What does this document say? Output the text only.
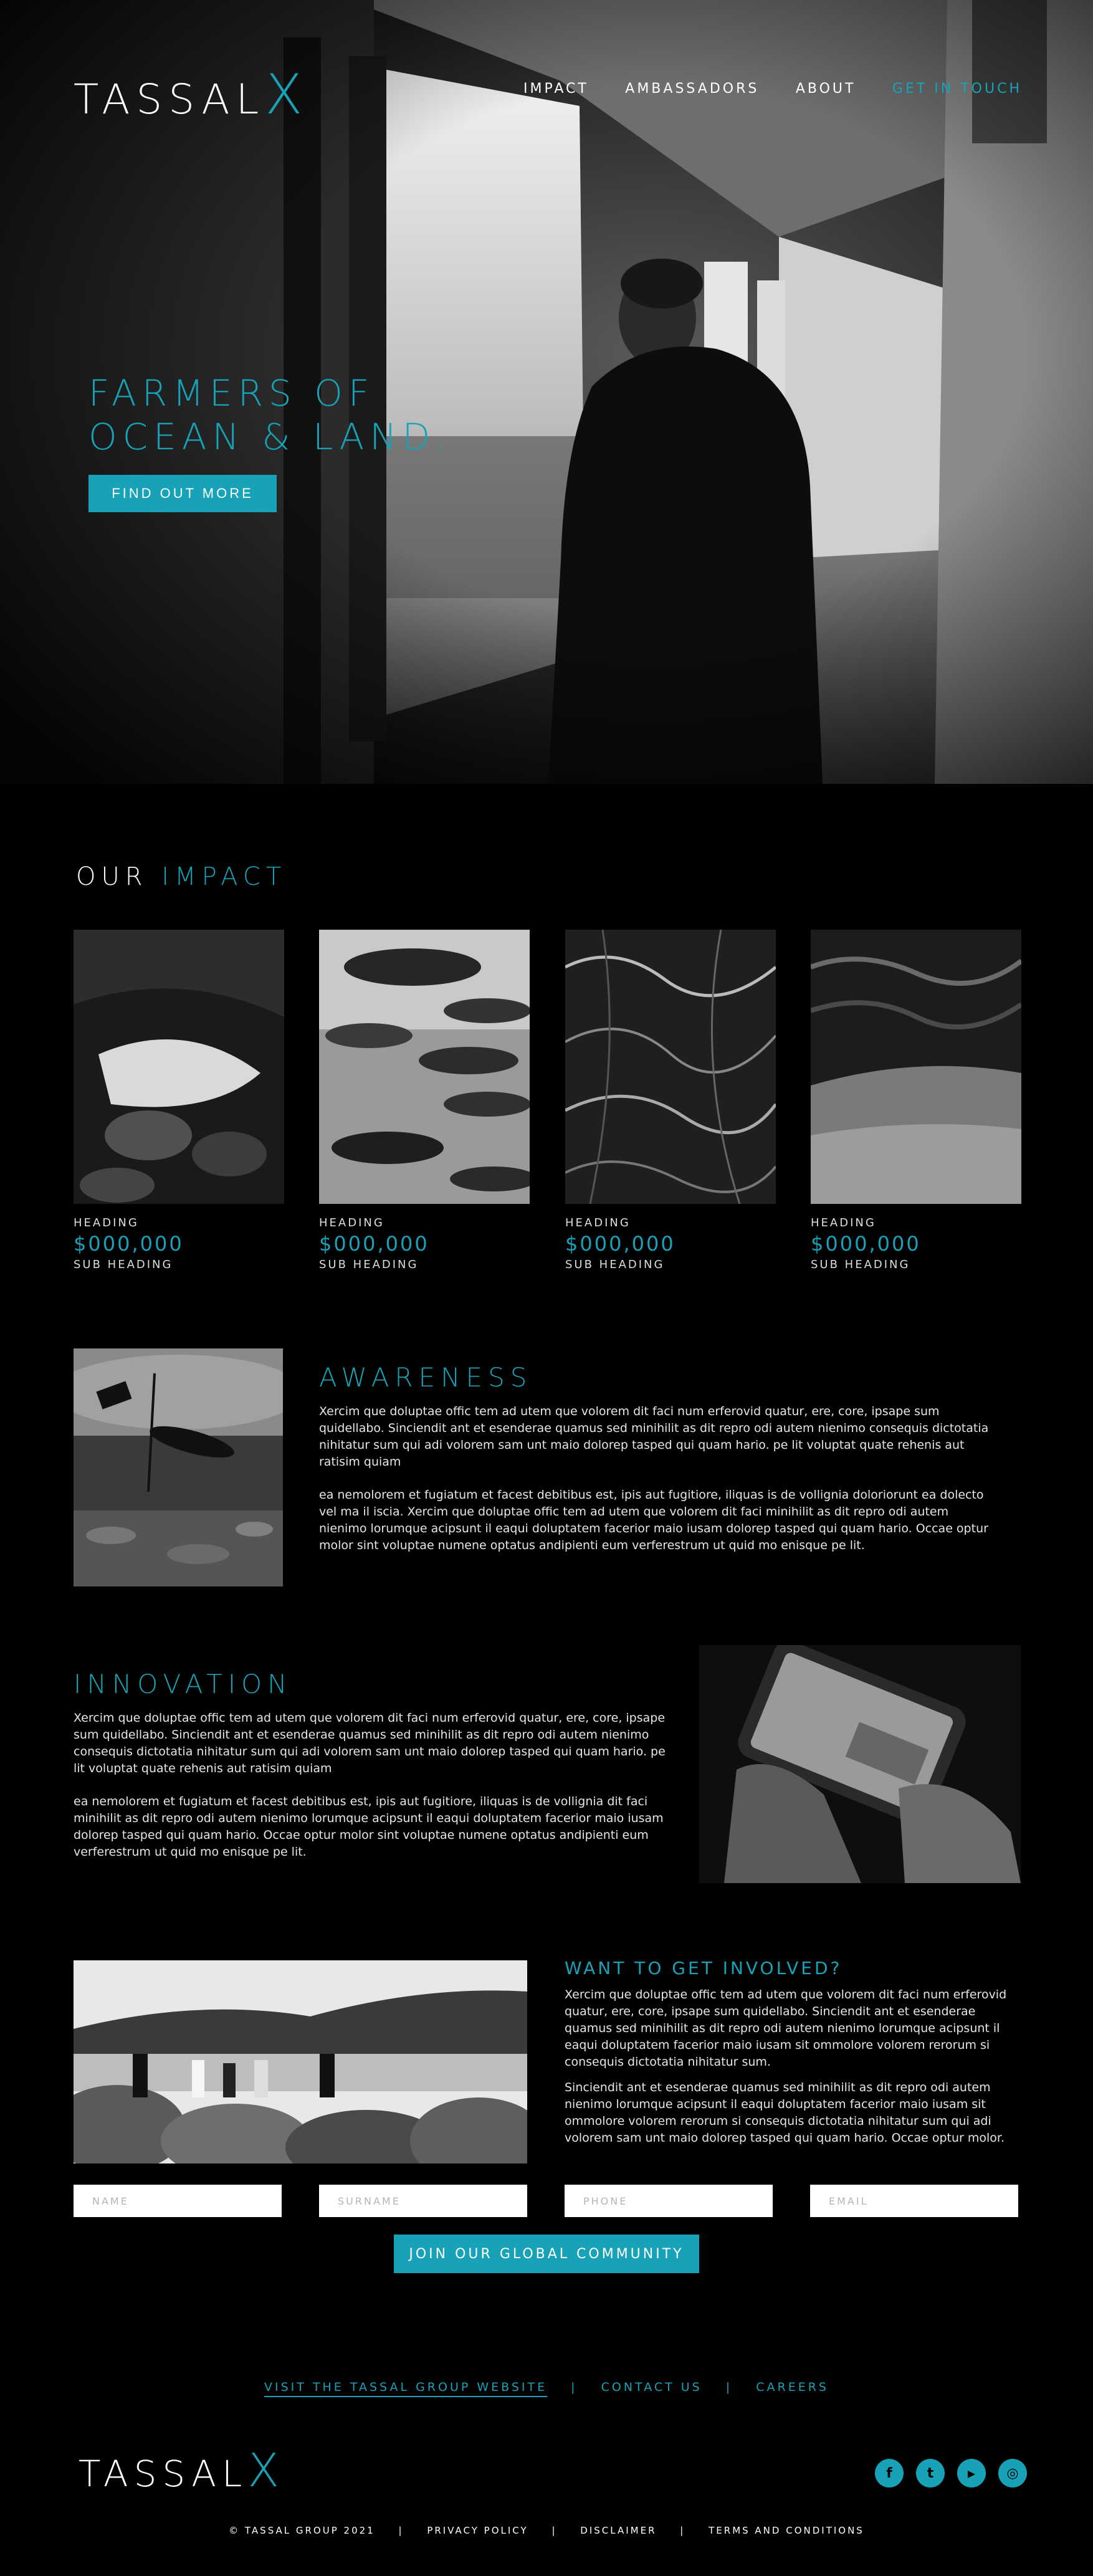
TASSALX	IMPACT	AMBASSADORS	ABOUT	GET IN TOUCH
FARMERS OF
OCEAN & LAND.
FIND OUT MORE
OUR IMPACT
HEADING
$000,000
SUB HEADING
HEADING
$000,000
SUB HEADING
HEADING
$000,000
SUB HEADING
HEADING
$000,000
SUB HEADING
AWARENESS

Xercim que doluptae offic tem ad utem que volorem dit faci num erferovid quatur, ere, core, ipsape sum quidellabo. Sinciendit ant et esenderae quamus sed minihilit as dit repro odi autem nienimo consequis dictotatia nihitatur sum qui adi volorem sam unt maio dolorep tasped qui quam hario. pe lit voluptat quate rehenis aut ratisim quiam

ea nemolorem et fugiatum et facest debitibus est, ipis aut fugitiore, iliquas is de vollignia doloriorunt ea dolecto vel ma il iscia. Xercim que doluptae offic tem ad utem que volorem dit faci minihilit as dit repro odi autem nienimo lorumque acipsunt il eaqui doluptatem facerior maio iusam dolorep tasped qui quam hario. Occae optur molor sint voluptae numene optatus andipienti eum verferestrum ut quid mo enisque pe lit.

INNOVATION

Xercim que doluptae offic tem ad utem que volorem dit faci num erferovid quatur, ere, core, ipsape sum quidellabo. Sinciendit ant et esenderae quamus sed minihilit as dit repro odi autem nienimo consequis dictotatia nihitatur sum qui adi volorem sam unt maio dolorep tasped qui quam hario. pe lit voluptat quate rehenis aut ratisim quiam

ea nemolorem et fugiatum et facest debitibus est, ipis aut fugitiore, iliquas is de vollignia dit faci minihilit as dit repro odi autem nienimo lorumque acipsunt il eaqui doluptatem facerior maio iusam dolorep tasped qui quam hario. Occae optur molor sint voluptae numene optatus andipienti eum verferestrum ut quid mo enisque pe lit.

WANT TO GET INVOLVED?

Xercim que doluptae offic tem ad utem que volorem dit faci num erferovid quatur, ere, core, ipsape sum quidellabo. Sinciendit ant et esenderae quamus sed minihilit as dit repro odi autem nienimo lorumque acipsunt il eaqui doluptatem facerior maio iusam sit ommolore volorem rerorum si consequis dictotatia nihitatur sum.

Sinciendit ant et esenderae quamus sed minihilit as dit repro odi autem nienimo lorumque acipsunt il eaqui doluptatem facerior maio iusam sit ommolore volorem rerorum si consequis dictotatia nihitatur sum qui adi volorem sam unt maio dolorep tasped qui quam hario. Occae optur molor.

NAME
SURNAME
PHONE
EMAIL
JOIN OUR GLOBAL COMMUNITY
VISIT THE TASSAL GROUP WEBSITE | CONTACT US | CAREERS
TASSALX	f	t	▶	◎
© TASSAL GROUP 2021	|	PRIVACY POLICY	|	DISCLAIMER	|	TERMS AND CONDITIONS
